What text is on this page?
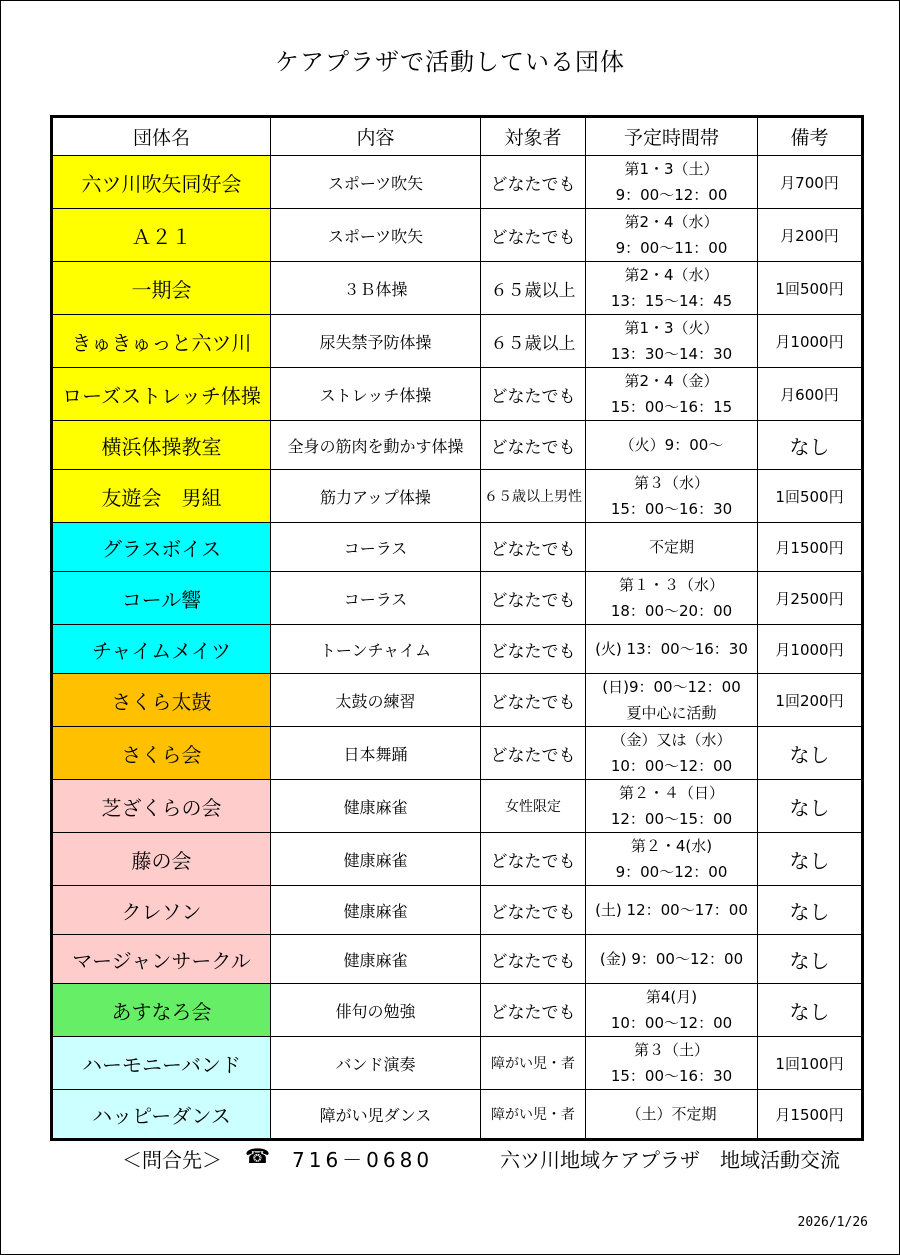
ケアプラザで活動している団体
団体名	内容	対象者	予定時間帯	備考
六ツ川吹矢同好会	スポーツ吹矢	どなたでも	第1・3（土）
9：00～12：00	月700円
Ａ２１	スポーツ吹矢	どなたでも	第2・4（水）
9：00～11：00	月200円
一期会	３Ｂ体操	６５歳以上	第2・4（水）
13：15～14：45	1回500円
きゅきゅっと六ツ川	尿失禁予防体操	６５歳以上	第1・3（火）
13：30～14：30	月1000円
ローズストレッチ体操	ストレッチ体操	どなたでも	第2・4（金）
15：00～16：15	月600円
横浜体操教室	全身の筋肉を動かす体操	どなたでも	（火）9：00～	なし
友遊会　男組	筋力アップ体操	６５歳以上男性	第３（水）
15：00～16：30	1回500円
グラスボイス	コーラス	どなたでも	不定期	月1500円
コール響	コーラス	どなたでも	第１・３（水）
18：00～20：00	月2500円
チャイムメイツ	トーンチャイム	どなたでも	(火) 13：00～16：30	月1000円
さくら太鼓	太鼓の練習	どなたでも	(日)9：00～12：00
夏中心に活動	1回200円
さくら会	日本舞踊	どなたでも	（金）又は（水）
10：00～12：00	なし
芝ざくらの会	健康麻雀	女性限定	第２・４（日）
12：00～15：00	なし
藤の会	健康麻雀	どなたでも	第２・4(水)
9：00～12：00	なし
クレソン	健康麻雀	どなたでも	(土) 12：00～17：00	なし
マージャンサークル	健康麻雀	どなたでも	(金) 9：00～12：00	なし
あすなろ会	俳句の勉強	どなたでも	第4(月)
10：00～12：00	なし
ハーモニーバンド	バンド演奏	障がい児・者	第３（土）
15：00～16：30	1回100円
ハッピーダンス	障がい児ダンス	障がい児・者	（土）不定期	月1500円
＜問合先＞ ☎ 716－0680	六ツ川地域ケアプラザ　地域活動交流
2026/1/26
